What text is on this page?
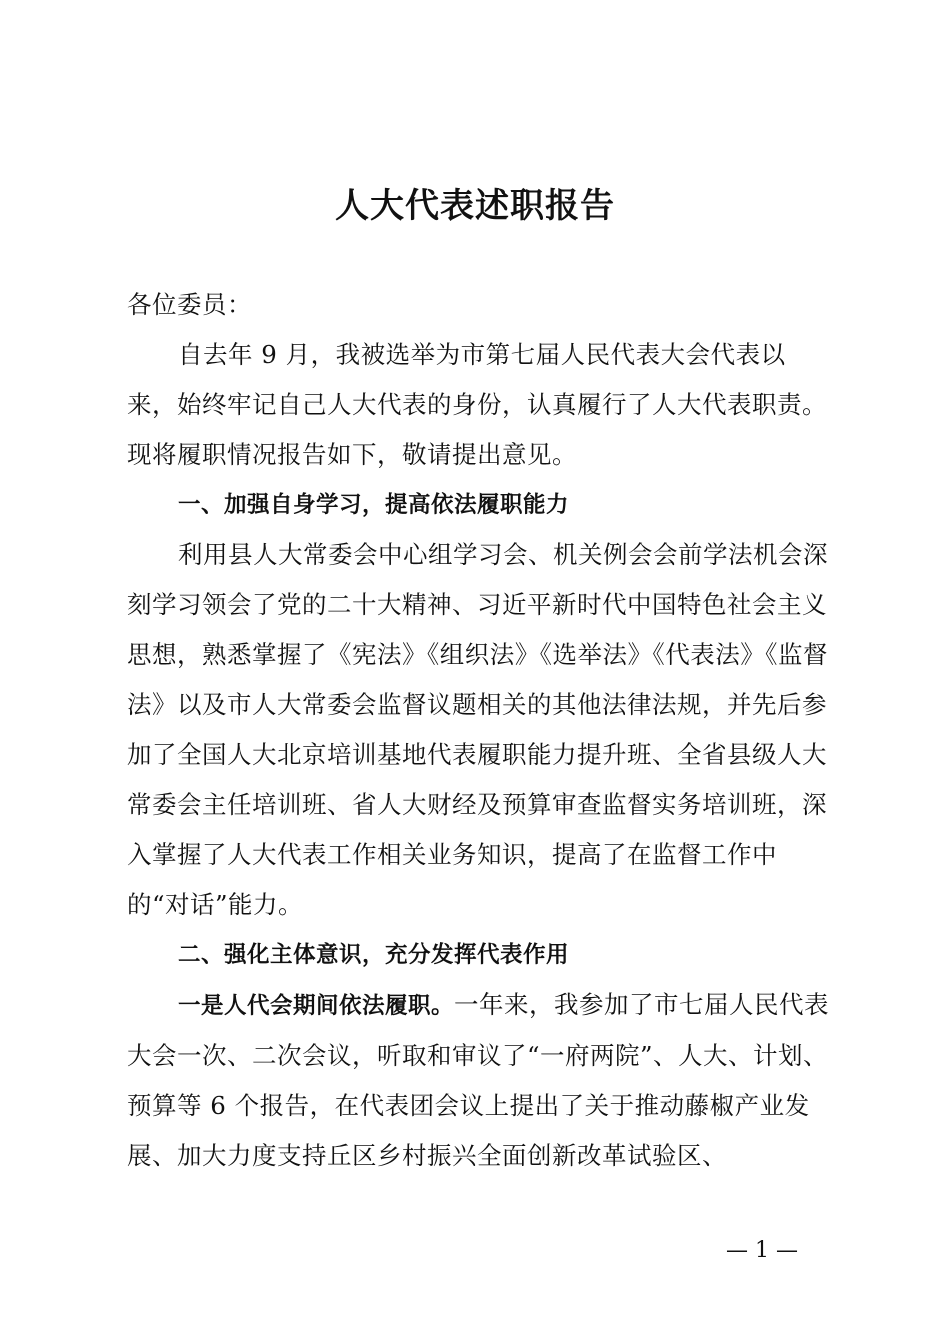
人大代表述职报告

各位委员：

自去年 9 月，我被选举为市第七届人民代表大会代表以来，始终牢记自己人大代表的身份，认真履行了人大代表职责。现将履职情况报告如下，敬请提出意见。

一、加强自身学习，提高依法履职能力

利用县人大常委会中心组学习会、机关例会会前学法机会深刻学习领会了党的二十大精神、习近平新时代中国特色社会主义思想，熟悉掌握了《宪法》《组织法》《选举法》《代表法》《监督法》以及市人大常委会监督议题相关的其他法律法规，并先后参加了全国人大北京培训基地代表履职能力提升班、全省县级人大常委会主任培训班、省人大财经及预算审查监督实务培训班，深入掌握了人大代表工作相关业务知识，提高了在监督工作中的“对话”能力。

二、强化主体意识，充分发挥代表作用

一是人代会期间依法履职。一年来，我参加了市七届人民代表大会一次、二次会议，听取和审议了“一府两院”、人大、计划、预算等 6 个报告，在代表团会议上提出了关于推动藤椒产业发展、加大力度支持丘区乡村振兴全面创新改革试验区、

— 1 —
